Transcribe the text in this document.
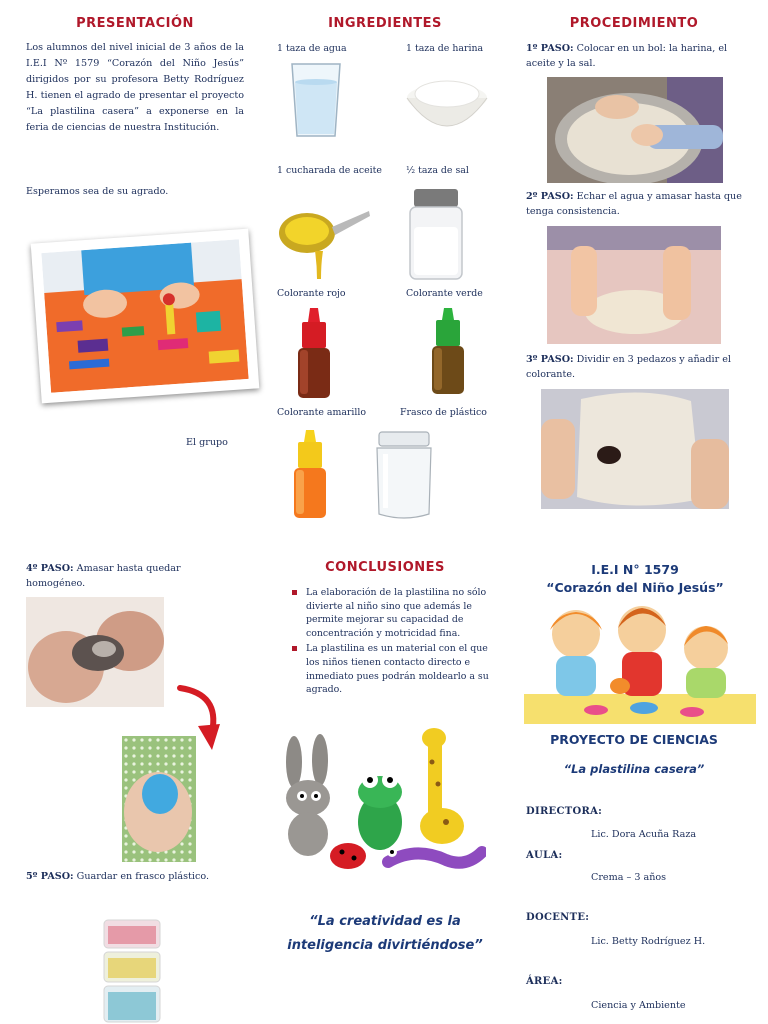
PRESENTACIÓN
Los alumnos del nivel inicial de 3 años de la I.E.I Nº 1579 “Corazón del Niño Jesús” dirigidos por su profesora Betty Rodríguez H. tienen el agrado de presentar el proyecto “La plastilina casera” a exponerse en la feria de ciencias de nuestra Institución.
Esperamos sea de su agrado.
El grupo
INGREDIENTES
1 taza de agua	1 taza de harina
1 cucharada de aceite	½ taza de sal
Colorante rojo	Colorante verde
Colorante amarillo	Frasco de plástico
PROCEDIMIENTO
1º PASO: Colocar en un bol: la harina, el aceite y la sal.
2º PASO: Echar el agua y amasar hasta que tenga consistencia.
3º PASO: Dividir en 3 pedazos y añadir el colorante.
4º PASO: Amasar hasta quedar homogéneo.
5º PASO: Guardar en frasco plástico.
CONCLUSIONES
La elaboración de la plastilina no sólo divierte al niño sino que además le permite mejorar su capacidad de concentración y motricidad fina.
La plastilina es un material con el que los niños tienen contacto directo e inmediato pues podrán moldearlo a su agrado.
“La creatividad es la
inteligencia divirtiéndose”
I.E.I N° 1579
“Corazón del Niño Jesús”
PROYECTO DE CIENCIAS
“La plastilina casera”
DIRECTORA:
Lic. Dora Acuña Raza
AULA:
Crema – 3 años
DOCENTE:
Lic. Betty Rodríguez H.
ÁREA:
Ciencia y Ambiente
